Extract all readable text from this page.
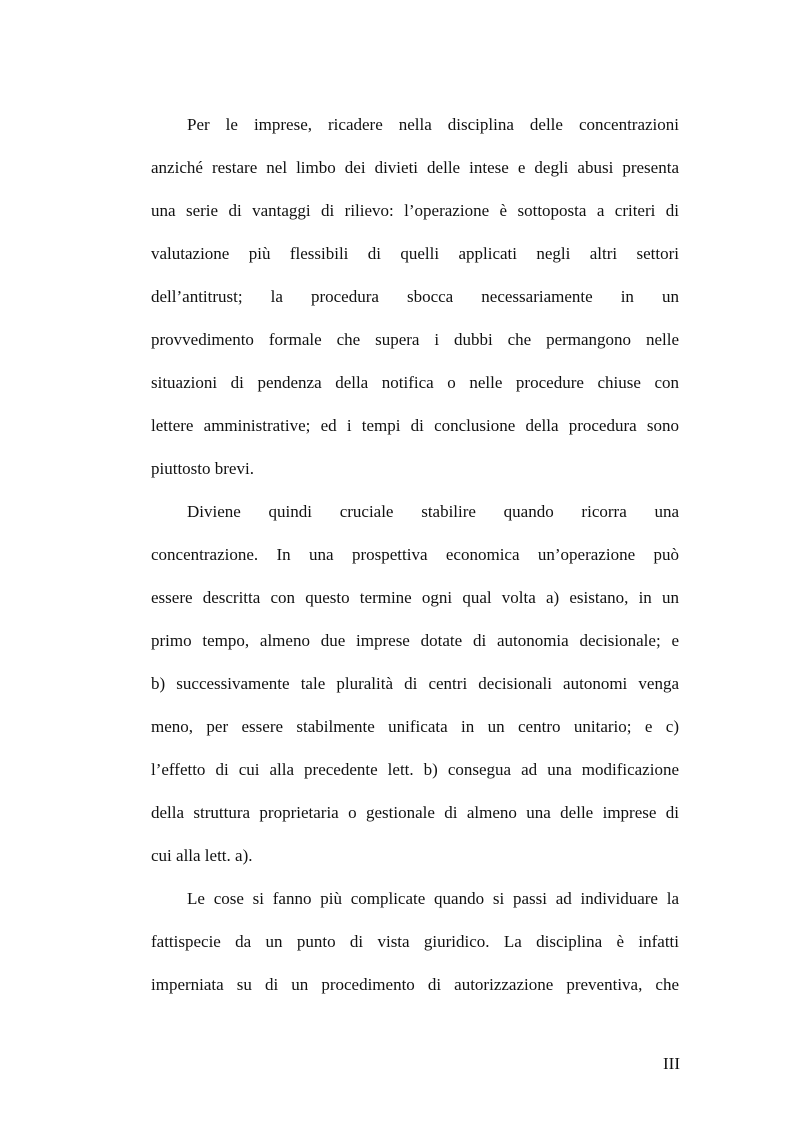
Per le imprese, ricadere nella disciplina delle concentrazioni
anziché restare nel limbo dei divieti delle intese e degli abusi presenta
una serie di vantaggi di rilievo: l’operazione è sottoposta a criteri di
valutazione più flessibili di quelli applicati negli altri settori
dell’antitrust; la procedura sbocca necessariamente in un
provvedimento formale che supera i dubbi che permangono nelle
situazioni di pendenza della notifica o nelle procedure chiuse con
lettere amministrative; ed i tempi di conclusione della procedura sono
piuttosto brevi.
Diviene quindi cruciale stabilire quando ricorra una
concentrazione. In una prospettiva economica un’operazione può
essere descritta con questo termine ogni qual volta a) esistano, in un
primo tempo, almeno due imprese dotate di autonomia decisionale; e
b) successivamente tale pluralità di centri decisionali autonomi venga
meno, per essere stabilmente unificata in un centro unitario; e c)
l’effetto di cui alla precedente lett. b) consegua ad una modificazione
della struttura proprietaria o gestionale di almeno una delle imprese di
cui alla lett. a).
Le cose si fanno più complicate quando si passi ad individuare la
fattispecie da un punto di vista giuridico. La disciplina è infatti
imperniata su di un procedimento di autorizzazione preventiva, che
III
